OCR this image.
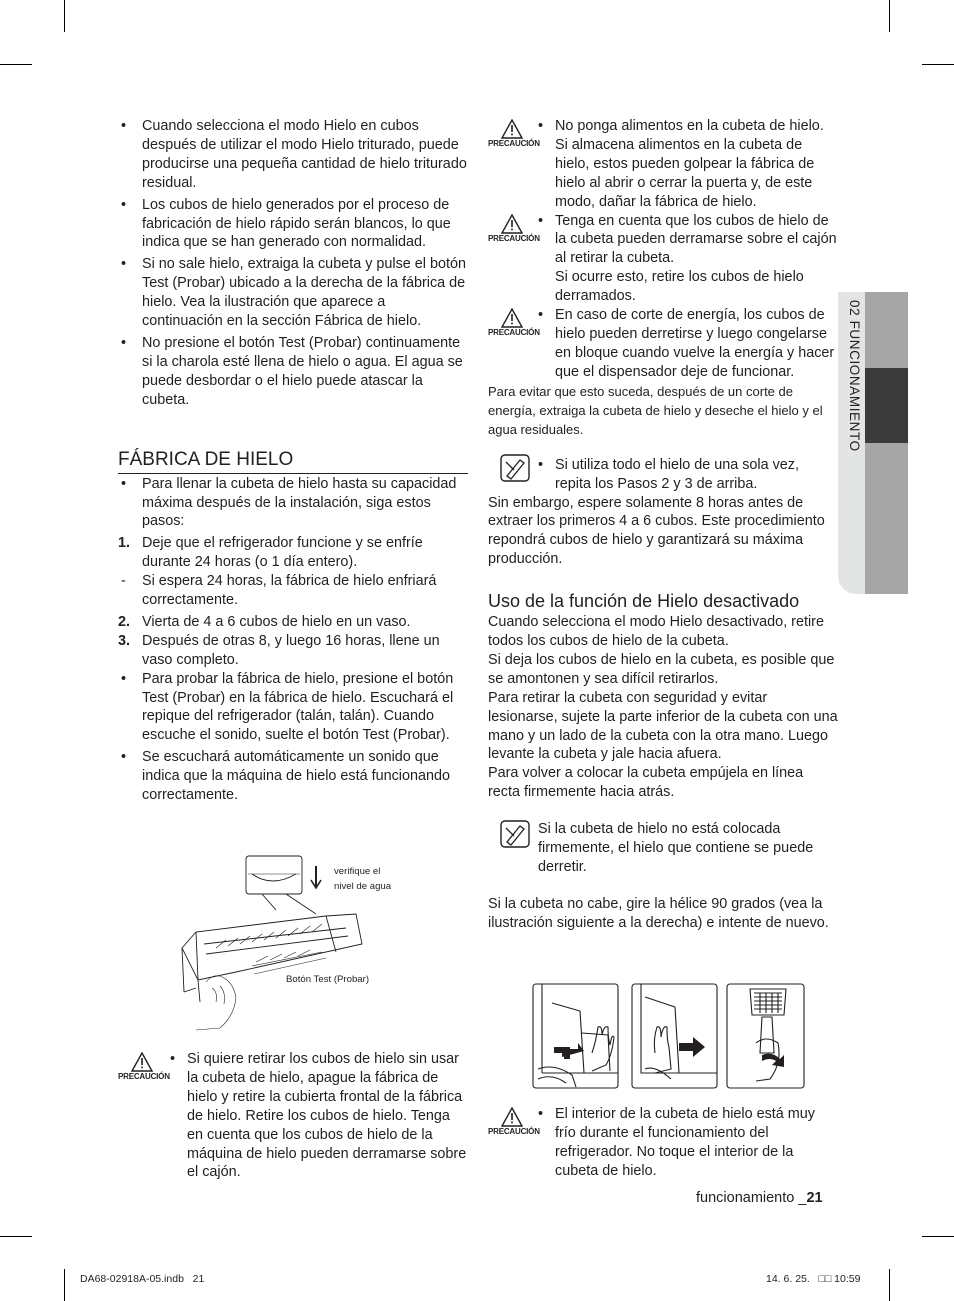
• Cuando selecciona el modo Hielo en cubos después de utilizar el modo Hielo triturado, puede producirse una pequeña cantidad de hielo triturado residual.
• Los cubos de hielo generados por el proceso de fabricación de hielo rápido serán blancos, lo que indica que se han generado con normalidad.
• Si no sale hielo, extraiga la cubeta y pulse el botón Test (Probar) ubicado a la derecha de la fábrica de hielo. Vea la ilustración que aparece a continuación en la sección Fábrica de hielo.
• No presione el botón Test (Probar) continuamente si la charola esté llena de hielo o agua. El agua se puede desbordar o el hielo puede atascar la cubeta.
FÁBRICA DE HIELO
• Para llenar la cubeta de hielo hasta su capacidad máxima después de la instalación, siga estos pasos:
1. Deje que el refrigerador funcione y se enfríe durante 24 horas (o 1 día entero).
- Si espera 24 horas, la fábrica de hielo enfriará correctamente.
2. Vierta de 4 a 6 cubos de hielo en un vaso.
3. Después de otras 8, y luego 16 horas, llene un vaso completo.
• Para probar la fábrica de hielo, presione el botón Test (Probar) en la fábrica de hielo. Escuchará el repique del refrigerador (talán, talán). Cuando escuche el sonido, suelte el botón Test (Probar).
• Se escuchará automáticamente un sonido que indica que la máquina de hielo está funcionando correctamente.
verifique el
nivel de agua
Botón Test (Probar)
PRECAUCIÓN
• Si quiere retirar los cubos de hielo sin usar la cubeta de hielo, apague la fábrica de hielo y retire la cubierta frontal de la fábrica de hielo. Retire los cubos de hielo. Tenga en cuenta que los cubos de hielo de la máquina de hielo pueden derramarse sobre el cajón.
PRECAUCIÓN
• No ponga alimentos en la cubeta de hielo. Si almacena alimentos en la cubeta de hielo, estos pueden golpear la fábrica de hielo al abrir o cerrar la puerta y, de este modo, dañar la fábrica de hielo.
PRECAUCIÓN
• Tenga en cuenta que los cubos de hielo de la cubeta pueden derramarse sobre el cajón al retirar la cubeta.
Si ocurre esto, retire los cubos de hielo derramados.
PRECAUCIÓN
• En caso de corte de energía, los cubos de hielo pueden derretirse y luego congelarse en bloque cuando vuelve la energía y hacer que el dispensador deje de funcionar.
Para evitar que esto suceda, después de un corte de energía, extraiga la cubeta de hielo y deseche el hielo y el agua residuales.
• Si utiliza todo el hielo de una sola vez, repita los Pasos 2 y 3 de arriba.
Sin embargo, espere solamente 8 horas antes de extraer los primeros 4 a 6 cubos. Este procedimiento repondrá cubos de hielo y garantizará su máxima producción.
Uso de la función de Hielo desactivado
Cuando selecciona el modo Hielo desactivado, retire todos los cubos de hielo de la cubeta.
Si deja los cubos de hielo en la cubeta, es posible que se amontonen y sea difícil retirarlos.
Para retirar la cubeta con seguridad y evitar lesionarse, sujete la parte inferior de la cubeta con una mano y un lado de la cubeta con la otra mano. Luego levante la cubeta y jale hacia afuera.
Para volver a colocar la cubeta empújela en línea recta firmemente hacia atrás.
Si la cubeta de hielo no está colocada firmemente, el hielo que contiene se puede derretir.
Si la cubeta no cabe, gire la hélice 90 grados (vea la ilustración siguiente a la derecha) e intente de nuevo.
PRECAUCIÓN
• El interior de la cubeta de hielo está muy frío durante el funcionamiento del refrigerador. No toque el interior de la cubeta de hielo.
02 FUNCIONAMIENTO
funcionamiento _21
DA68-02918A-05.indb   21	14. 6. 25.   □□ 10:59
